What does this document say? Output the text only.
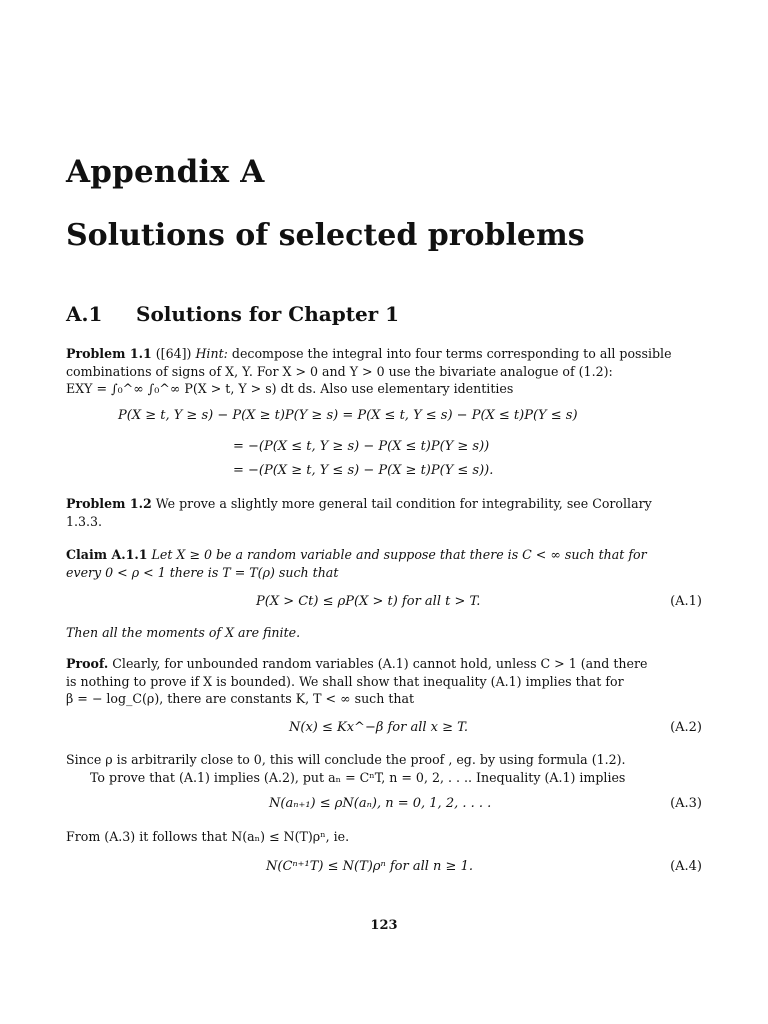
Appendix A
Solutions of selected problems
A.1 Solutions for Chapter 1
Problem 1.1 ([64]) Hint: decompose the integral into four terms corresponding to all possible
combinations of signs of X, Y. For X > 0 and Y > 0 use the bivariate analogue of (1.2):
EXY = ∫₀^∞ ∫₀^∞ P(X > t, Y > s) dt ds. Also use elementary identities
P(X ≥ t, Y ≥ s) − P(X ≥ t)P(Y ≥ s) = P(X ≤ t, Y ≤ s) − P(X ≤ t)P(Y ≤ s)
= −(P(X ≤ t, Y ≥ s) − P(X ≤ t)P(Y ≥ s))
= −(P(X ≥ t, Y ≤ s) − P(X ≥ t)P(Y ≤ s)).
Problem 1.2 We prove a slightly more general tail condition for integrability, see Corollary
1.3.3.
Claim A.1.1 Let X ≥ 0 be a random variable and suppose that there is C < ∞ such that for
every 0 < ρ < 1 there is T = T(ρ) such that
P(X > Ct) ≤ ρP(X > t) for all t > T.	(A.1)
Then all the moments of X are finite.
Proof. Clearly, for unbounded random variables (A.1) cannot hold, unless C > 1 (and there
is nothing to prove if X is bounded). We shall show that inequality (A.1) implies that for
β = − log_C(ρ), there are constants K, T < ∞ such that
N(x) ≤ Kx^−β for all x ≥ T.	(A.2)
Since ρ is arbitrarily close to 0, this will conclude the proof , eg. by using formula (1.2).
To prove that (A.1) implies (A.2), put aₙ = CⁿT, n = 0, 2, . . .. Inequality (A.1) implies
N(aₙ₊₁) ≤ ρN(aₙ), n = 0, 1, 2, . . . .	(A.3)
From (A.3) it follows that N(aₙ) ≤ N(T)ρⁿ, ie.
N(Cⁿ⁺¹T) ≤ N(T)ρⁿ for all n ≥ 1.	(A.4)
123
